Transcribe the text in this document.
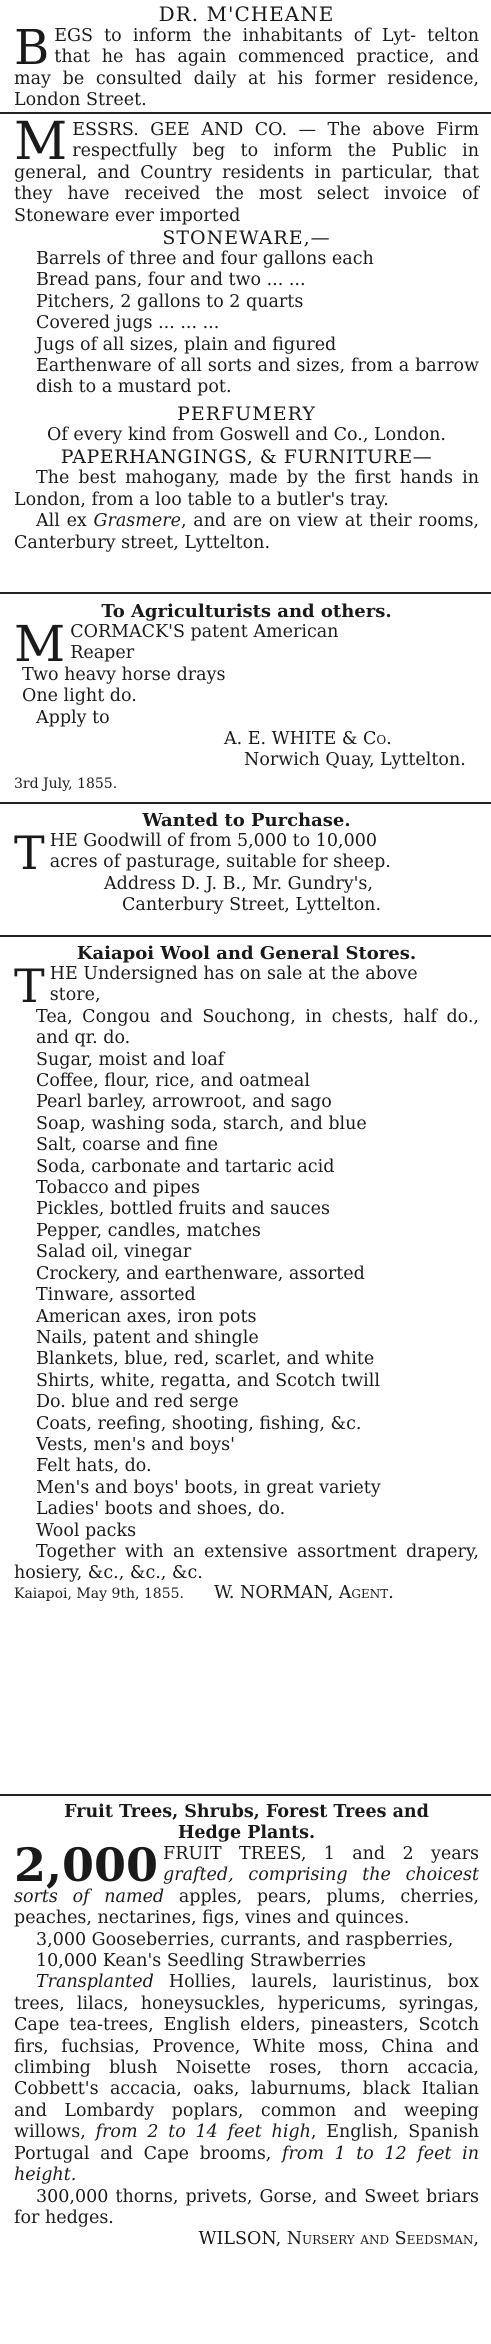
DR. M'CHEANE

BEGS to inform the inhabitants of Lyt- telton that he has again commenced practice, and may be consulted daily at his former residence, London Street.

MESSRS. GEE AND CO. — The above Firm respectfully beg to inform the Public in general, and Country residents in particular, that they have received the most select invoice of Stoneware ever imported

STONEWARE,—

Barrels of three and four gallons each

Bread pans, four and two ... ...

Pitchers, 2 gallons to 2 quarts

Covered jugs ... ... ...

Jugs of all sizes, plain and figured

Earthenware of all sorts and sizes, from a barrow dish to a mustard pot.

PERFUMERY

Of every kind from Goswell and Co., London.

PAPERHANGINGS, & FURNITURE—

The best mahogany, made by the first hands in London, from a loo table to a butler's tray.

All ex Grasmere, and are on view at their rooms, Canterbury street, Lyttelton.

To Agriculturists and others.

MCORMACK'S patent American

Reaper

Two heavy horse drays

One light do.

Apply to

A. E. WHITE & Co.

Norwich Quay, Lyttelton.

3rd July, 1855.

Wanted to Purchase.

THE Goodwill of from 5,000 to 10,000

acres of pasturage, suitable for sheep.

Address D. J. B., Mr. Gundry's,

Canterbury Street, Lyttelton.

Kaiapoi Wool and General Stores.

THE Undersigned has on sale at the above

store,

Tea, Congou and Souchong, in chests, half do., and qr. do.

Sugar, moist and loaf

Coffee, flour, rice, and oatmeal

Pearl barley, arrowroot, and sago

Soap, washing soda, starch, and blue

Salt, coarse and fine

Soda, carbonate and tartaric acid

Tobacco and pipes

Pickles, bottled fruits and sauces

Pepper, candles, matches

Salad oil, vinegar

Crockery, and earthenware, assorted

Tinware, assorted

American axes, iron pots

Nails, patent and shingle

Blankets, blue, red, scarlet, and white

Shirts, white, regatta, and Scotch twill

Do. blue and red serge

Coats, reefing, shooting, fishing, &c.

Vests, men's and boys'

Felt hats, do.

Men's and boys' boots, in great variety

Ladies' boots and shoes, do.

Wool packs

Together with an extensive assortment drapery, hosiery, &c., &c., &c.

Kaiapoi, May 9th, 1855. W. NORMAN, Agent.

Fruit Trees, Shrubs, Forest Trees and Hedge Plants.

2,000 FRUIT TREES, 1 and 2 years grafted, comprising the choicest sorts of named apples, pears, plums, cherries, peaches, nectarines, figs, vines and quinces.

3,000 Gooseberries, currants, and raspberries,

10,000 Kean's Seedling Strawberries

Transplanted Hollies, laurels, lauristinus, box trees, lilacs, honeysuckles, hypericums, syringas, Cape tea-trees, English elders, pineasters, Scotch firs, fuchsias, Provence, White moss, China and climbing blush Noisette roses, thorn accacia, Cobbett's accacia, oaks, laburnums, black Italian and Lombardy poplars, common and weeping willows, from 2 to 14 feet high, English, Spanish Portugal and Cape brooms, from 1 to 12 feet in height.

300,000 thorns, privets, Gorse, and Sweet briars for hedges.

WILSON, Nursery and Seedsman,
